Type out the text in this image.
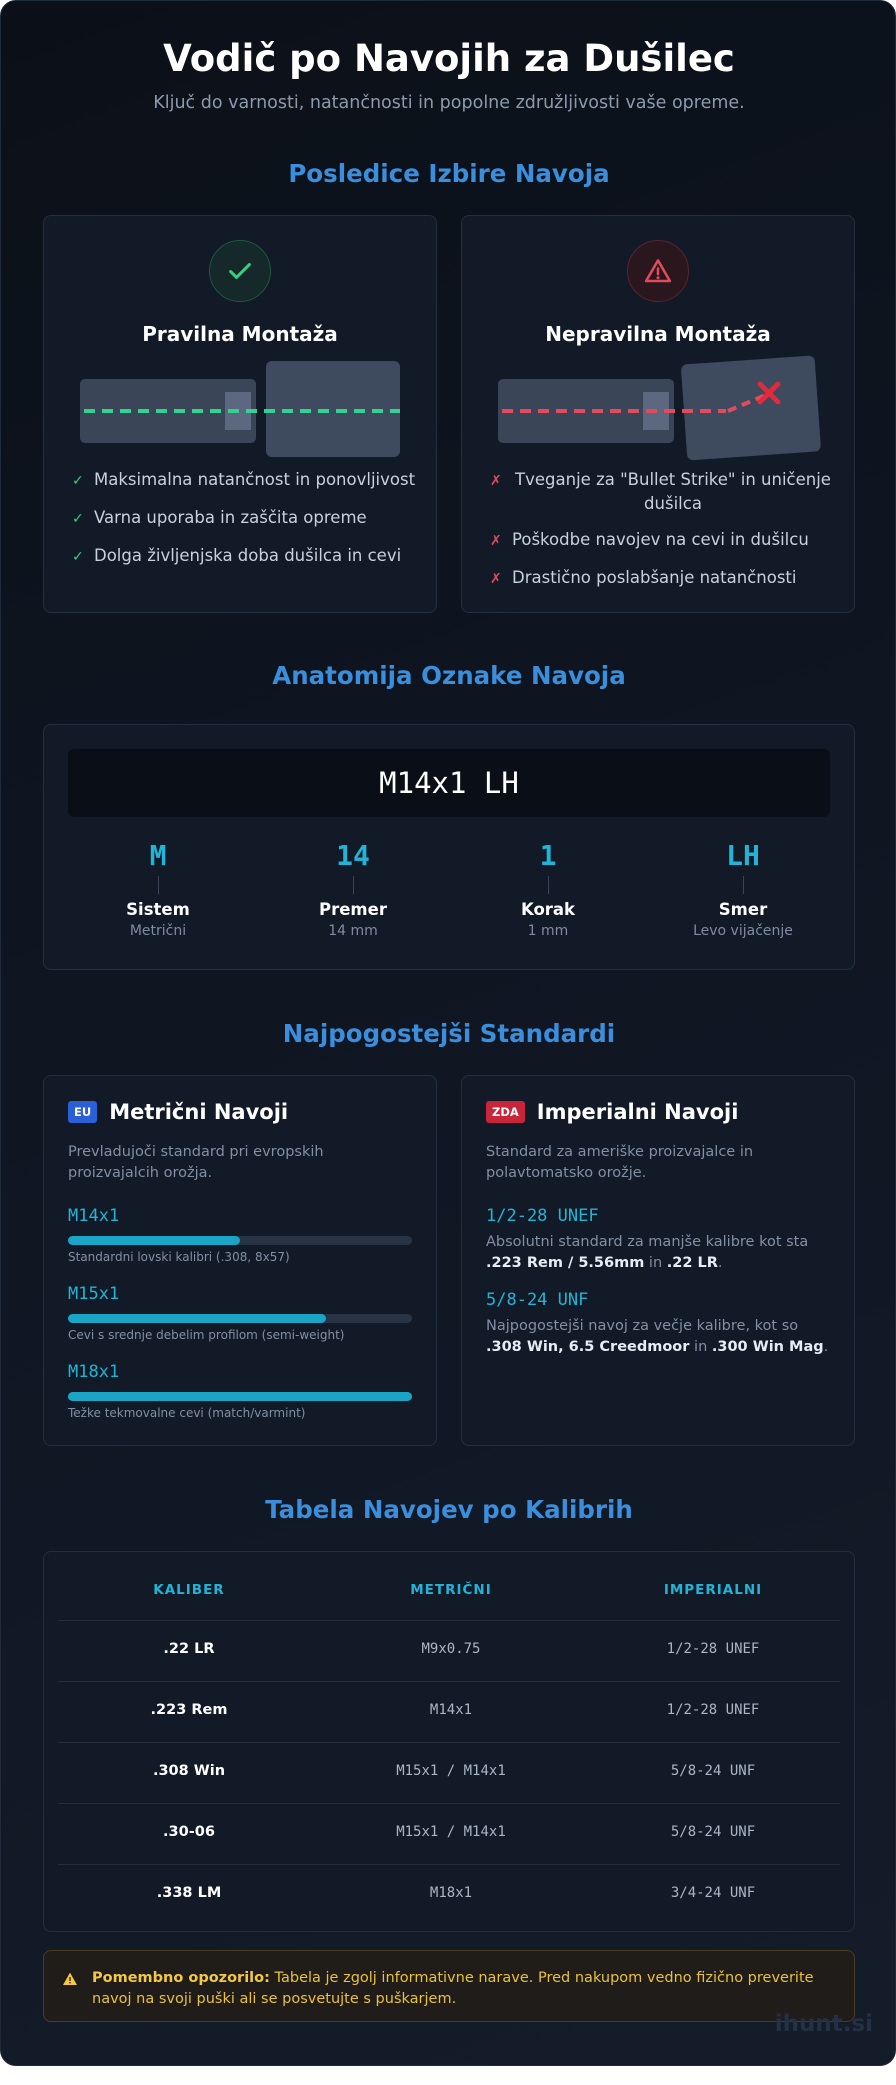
Vodič po Navojih za Dušilec
Ključ do varnosti, natančnosti in popolne združljivosti vaše opreme.
Posledice Izbire Navoja
Pravilna Montaža
✓ Maksimalna natančnost in ponovljivost
✓ Varna uporaba in zaščita opreme
✓ Dolga življenjska doba dušilca in cevi
Nepravilna Montaža
✗ Tveganje za "Bullet Strike" in uničenje dušilca
✗ Poškodbe navojev na cevi in dušilcu
✗ Drastično poslabšanje natančnosti
Anatomija Oznake Navoja
M14x1 LH
M
Sistem
Metrični
14
Premer
14 mm
1
Korak
1 mm
LH
Smer
Levo vijačenje
Najpogostejši Standardi
EU Metrični Navoji
Prevladujoči standard pri evropskih proizvajalcih orožja.
M14x1
Standardni lovski kalibri (.308, 8x57)
M15x1
Cevi s srednje debelim profilom (semi-weight)
M18x1
Težke tekmovalne cevi (match/varmint)
ZDA Imperialni Navoji
Standard za ameriške proizvajalce in polavtomatsko orožje.
1/2-28 UNEF
Absolutni standard za manjše kalibre kot sta .223 Rem / 5.56mm in .22 LR.
5/8-24 UNF
Najpogostejši navoj za večje kalibre, kot so .308 Win, 6.5 Creedmoor in .300 Win Mag.
Tabela Navojev po Kalibrih
KALIBER	METRIČNI	IMPERIALNI
.22 LR	M9x0.75	1/2-28 UNEF
.223 Rem	M14x1	1/2-28 UNEF
.308 Win	M15x1 / M14x1	5/8-24 UNF
.30-06	M15x1 / M14x1	5/8-24 UNF
.338 LM	M18x1	3/4-24 UNF
Pomembno opozorilo: Tabela je zgolj informativne narave. Pred nakupom vedno fizično preverite navoj na svoji puški ali se posvetujte s puškarjem.
ihunt.si
